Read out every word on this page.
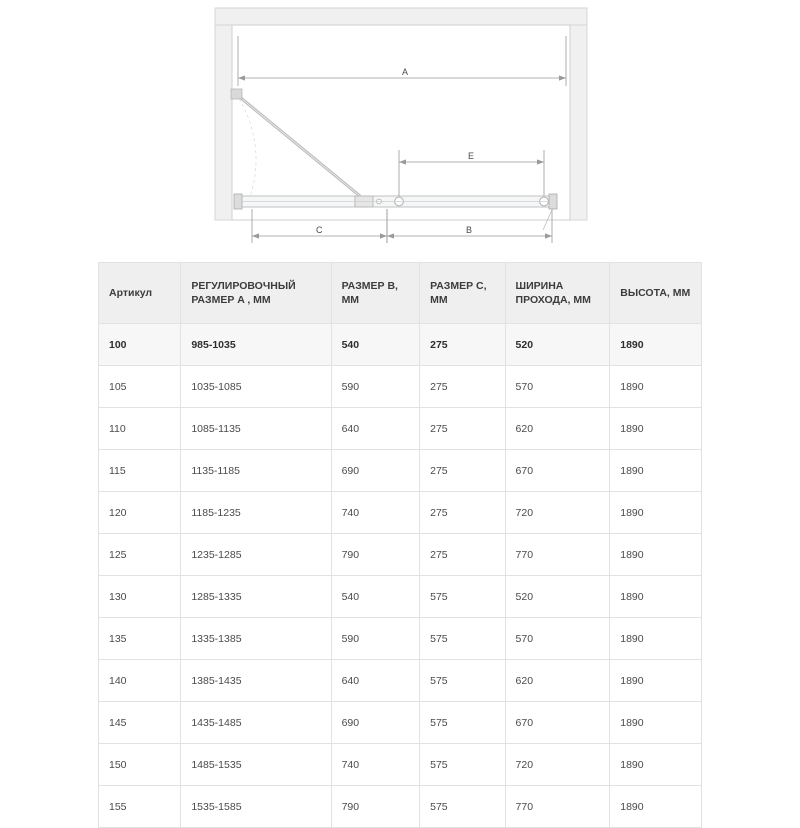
A
E
C	B
Артикул	РЕГУЛИРОВОЧНЫЙ РАЗМЕР A , ММ	РАЗМЕР B, ММ	РАЗМЕР C, ММ	ШИРИНА ПРОХОДА, ММ	ВЫСОТА, ММ
100	985-1035	540	275	520	1890
105	1035-1085	590	275	570	1890
110	1085-1135	640	275	620	1890
115	1135-1185	690	275	670	1890
120	1185-1235	740	275	720	1890
125	1235-1285	790	275	770	1890
130	1285-1335	540	575	520	1890
135	1335-1385	590	575	570	1890
140	1385-1435	640	575	620	1890
145	1435-1485	690	575	670	1890
150	1485-1535	740	575	720	1890
155	1535-1585	790	575	770	1890
